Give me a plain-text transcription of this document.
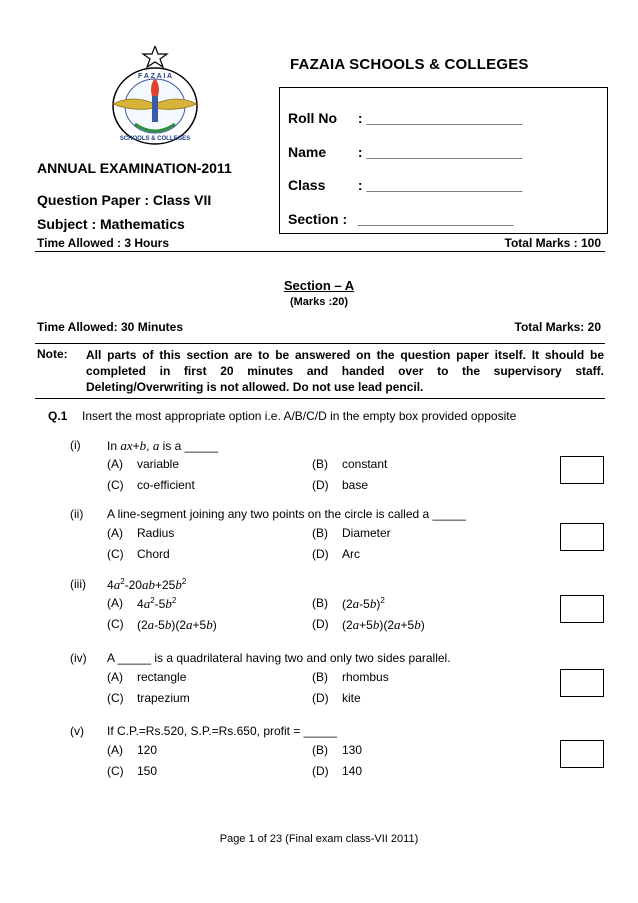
F A Z A I A
SCHOOLS & COLLEGES
FAZAIA SCHOOLS & COLLEGES
Roll No : ____________________
Name : ____________________
Class : ____________________
Section : ____________________
ANNUAL EXAMINATION-2011
Question Paper : Class VII
Subject : Mathematics
Time Allowed : 3 Hours	Total Marks : 100
Section – A
(Marks :20)
Time Allowed: 30 Minutes	Total Marks: 20
Note: All parts of this section are to be answered on the question paper itself. It should be completed in first 20 minutes and handed over to the supervisory staff. Deleting/Overwriting is not allowed. Do not use lead pencil.
Q.1 Insert the most appropriate option i.e. A/B/C/D in the empty box provided opposite
(i) In ax+b, a is a _____
(A) variable	(B) constant
(C) co-efficient	(D) base
(ii) A line-segment joining any two points on the circle is called a _____
(A) Radius	(B) Diameter
(C) Chord	(D) Arc
(iii) $4a^2-20ab+25b^2$
(A) $4a^2-5b^2$	(B) $(2a-5b)^2$
(C) (2a-5b)(2a+5b)	(D) (2a+5b)(2a+5b)
(iv) A _____ is a quadrilateral having two and only two sides parallel.
(A) rectangle	(B) rhombus
(C) trapezium	(D) kite
(v) If C.P.=Rs.520, S.P.=Rs.650, profit = _____
(A) 120	(B) 130
(C) 150	(D) 140
Page 1 of 23 (Final exam class-VII 2011)
